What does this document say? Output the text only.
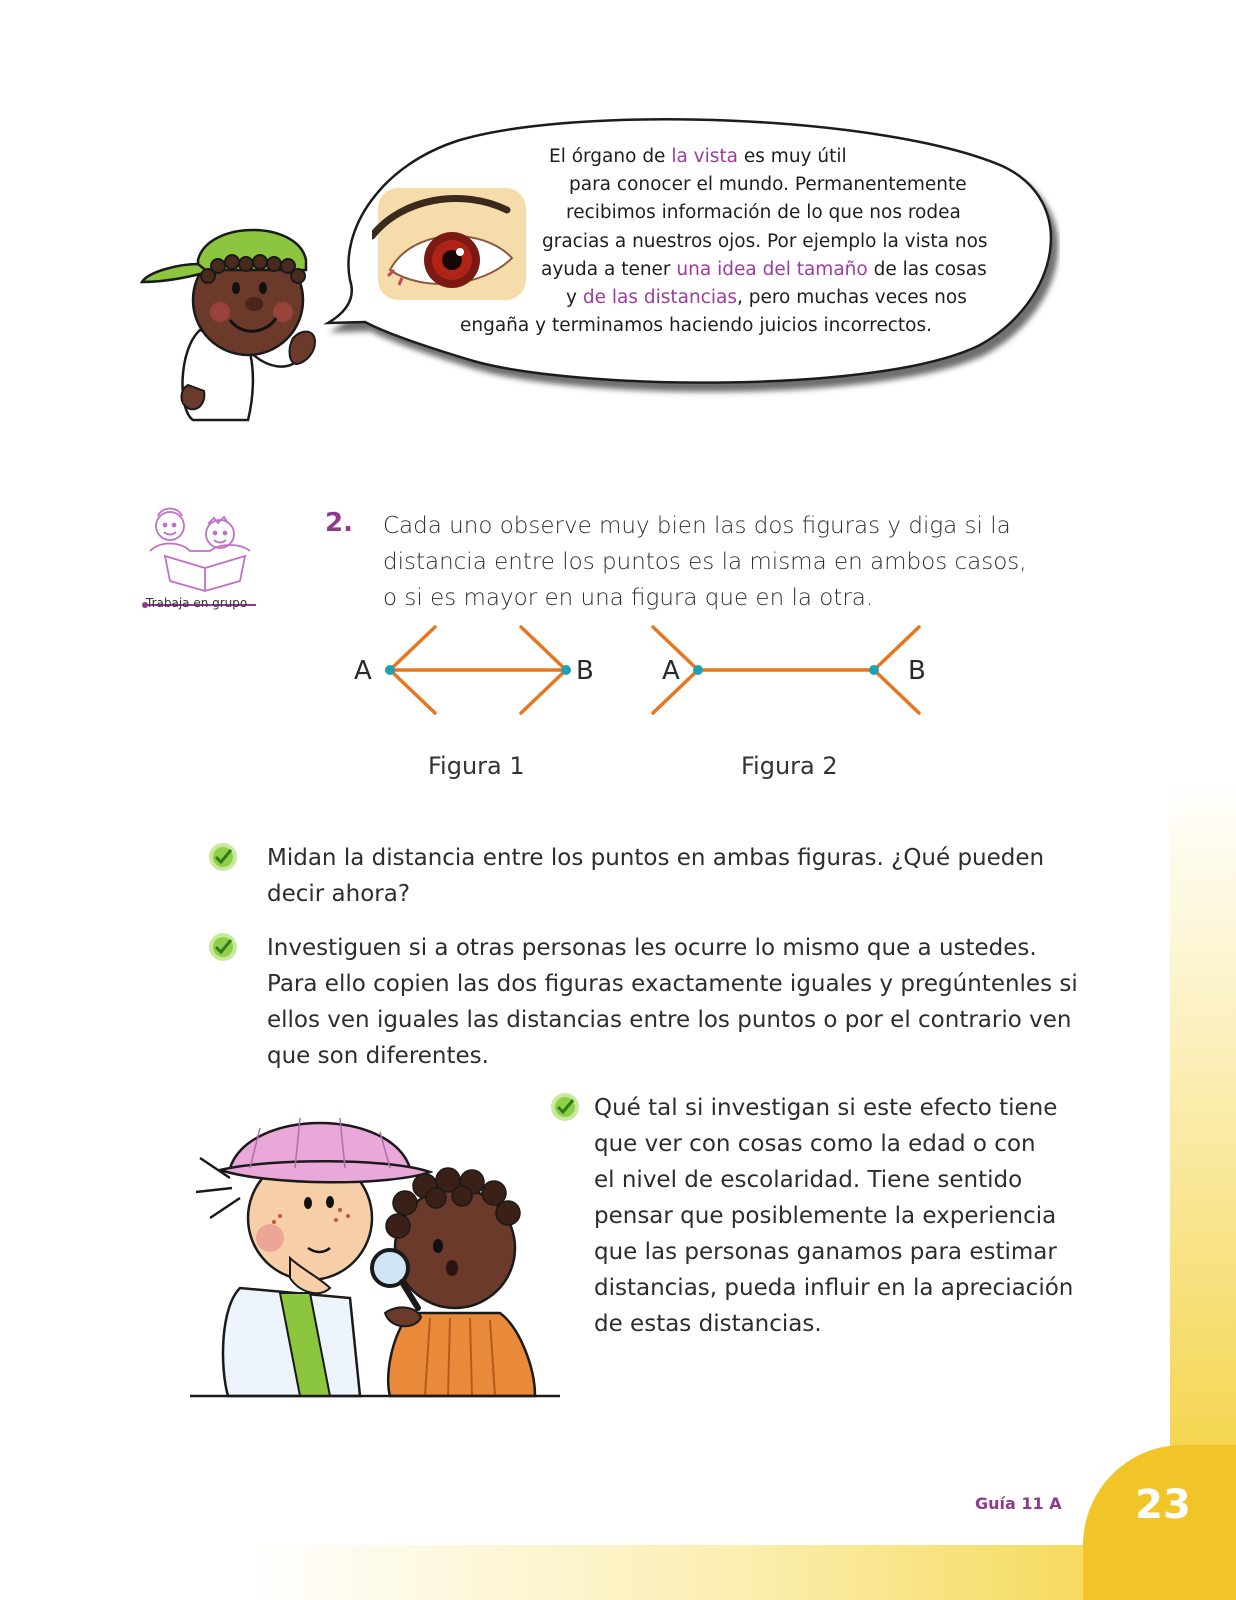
El órgano de la vista es muy útil
para conocer el mundo. Permanentemente
recibimos información de lo que nos rodea
gracias a nuestros ojos. Por ejemplo la vista nos
ayuda a tener una idea del tamaño de las cosas
y de las distancias, pero muchas veces nos
engaña y terminamos haciendo juicios incorrectos.
Trabaja en grupo
2. Cada uno observe muy bien las dos figuras y diga si la
distancia entre los puntos es la misma en ambos casos,
o si es mayor en una figura que en la otra.
A	B	A	B
Figura 1	Figura 2
Midan la distancia entre los puntos en ambas figuras. ¿Qué pueden
decir ahora?
Investiguen si a otras personas les ocurre lo mismo que a ustedes.
Para ello copien las dos figuras exactamente iguales y pregúntenles si
ellos ven iguales las distancias entre los puntos o por el contrario ven
que son diferentes.
Qué tal si investigan si este efecto tiene
que ver con cosas como la edad o con
el nivel de escolaridad. Tiene sentido
pensar que posiblemente la experiencia
que las personas ganamos para estimar
distancias, pueda influir en la apreciación
de estas distancias.
Guía 11 A	23
